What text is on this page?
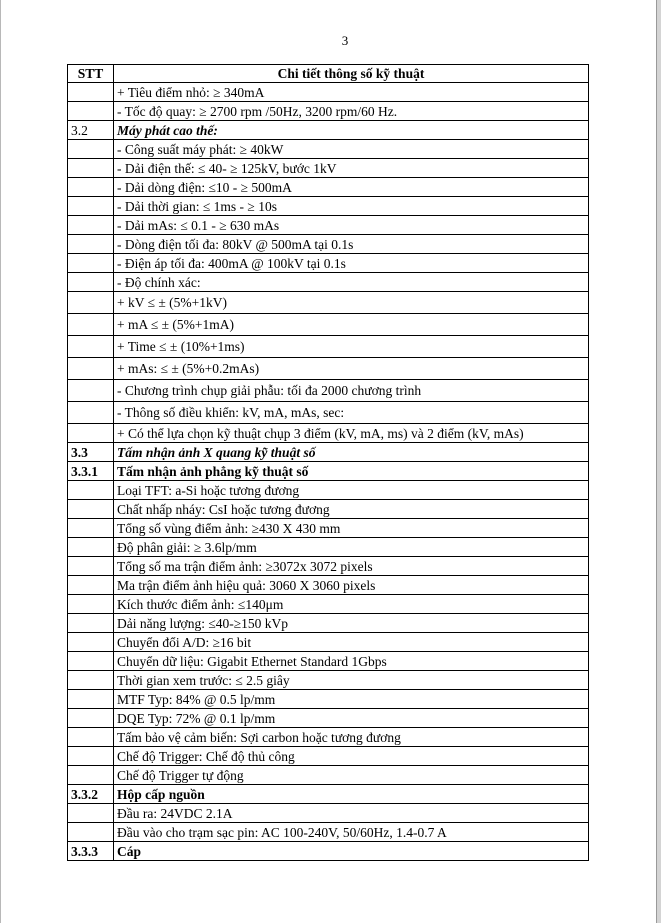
3
STT	Chi tiết thông số kỹ thuật
	+ Tiêu điểm nhỏ: ≥ 340mA
	- Tốc độ quay: ≥ 2700 rpm /50Hz, 3200 rpm/60 Hz.
3.2	Máy phát cao thế:
	- Công suất máy phát: ≥ 40kW
	- Dải điện thế: ≤ 40- ≥ 125kV, bước 1kV
	- Dải dòng điện: ≤10 - ≥ 500mA
	- Dải thời gian: ≤ 1ms - ≥ 10s
	- Dải mAs: ≤ 0.1 - ≥ 630 mAs
	- Dòng điện tối đa: 80kV @ 500mA tại 0.1s
	- Điện áp tối đa: 400mA @ 100kV tại 0.1s
	- Độ chính xác:
	+ kV ≤ ± (5%+1kV)
	+ mA ≤ ± (5%+1mA)
	+ Time ≤ ± (10%+1ms)
	+ mAs: ≤ ± (5%+0.2mAs)
	- Chương trình chụp giải phẫu: tối đa 2000 chương trình
	- Thông số điều khiển: kV, mA, mAs, sec:
	+ Có thể lựa chọn kỹ thuật chụp 3 điểm (kV, mA, ms) và 2 điểm (kV, mAs)
3.3	Tấm nhận ảnh X quang kỹ thuật số
3.3.1	Tấm nhận ảnh phẳng kỹ thuật số
	Loại TFT: a-Si hoặc tương đương
	Chất nhấp nháy: CsI hoặc tương đương
	Tổng số vùng điểm ảnh: ≥430 X 430 mm
	Độ phân giải: ≥ 3.6lp/mm
	Tổng số ma trận điểm ảnh: ≥3072x 3072 pixels
	Ma trận điểm ảnh hiệu quả: 3060 X 3060 pixels
	Kích thước điểm ảnh: ≤140μm
	Dải năng lượng: ≤40-≥150 kVp
	Chuyển đổi A/D: ≥16 bit
	Chuyển dữ liệu: Gigabit Ethernet Standard 1Gbps
	Thời gian xem trước: ≤ 2.5 giây
	MTF Typ: 84% @ 0.5 lp/mm
	DQE Typ: 72% @ 0.1 lp/mm
	Tấm bảo vệ cảm biến: Sợi carbon hoặc tương đương
	Chế độ Trigger: Chế độ thủ công
	Chế độ Trigger tự động
3.3.2	Hộp cấp nguồn
	Đầu ra: 24VDC 2.1A
	Đầu vào cho trạm sạc pin: AC 100-240V, 50/60Hz, 1.4-0.7 A
3.3.3	Cáp
